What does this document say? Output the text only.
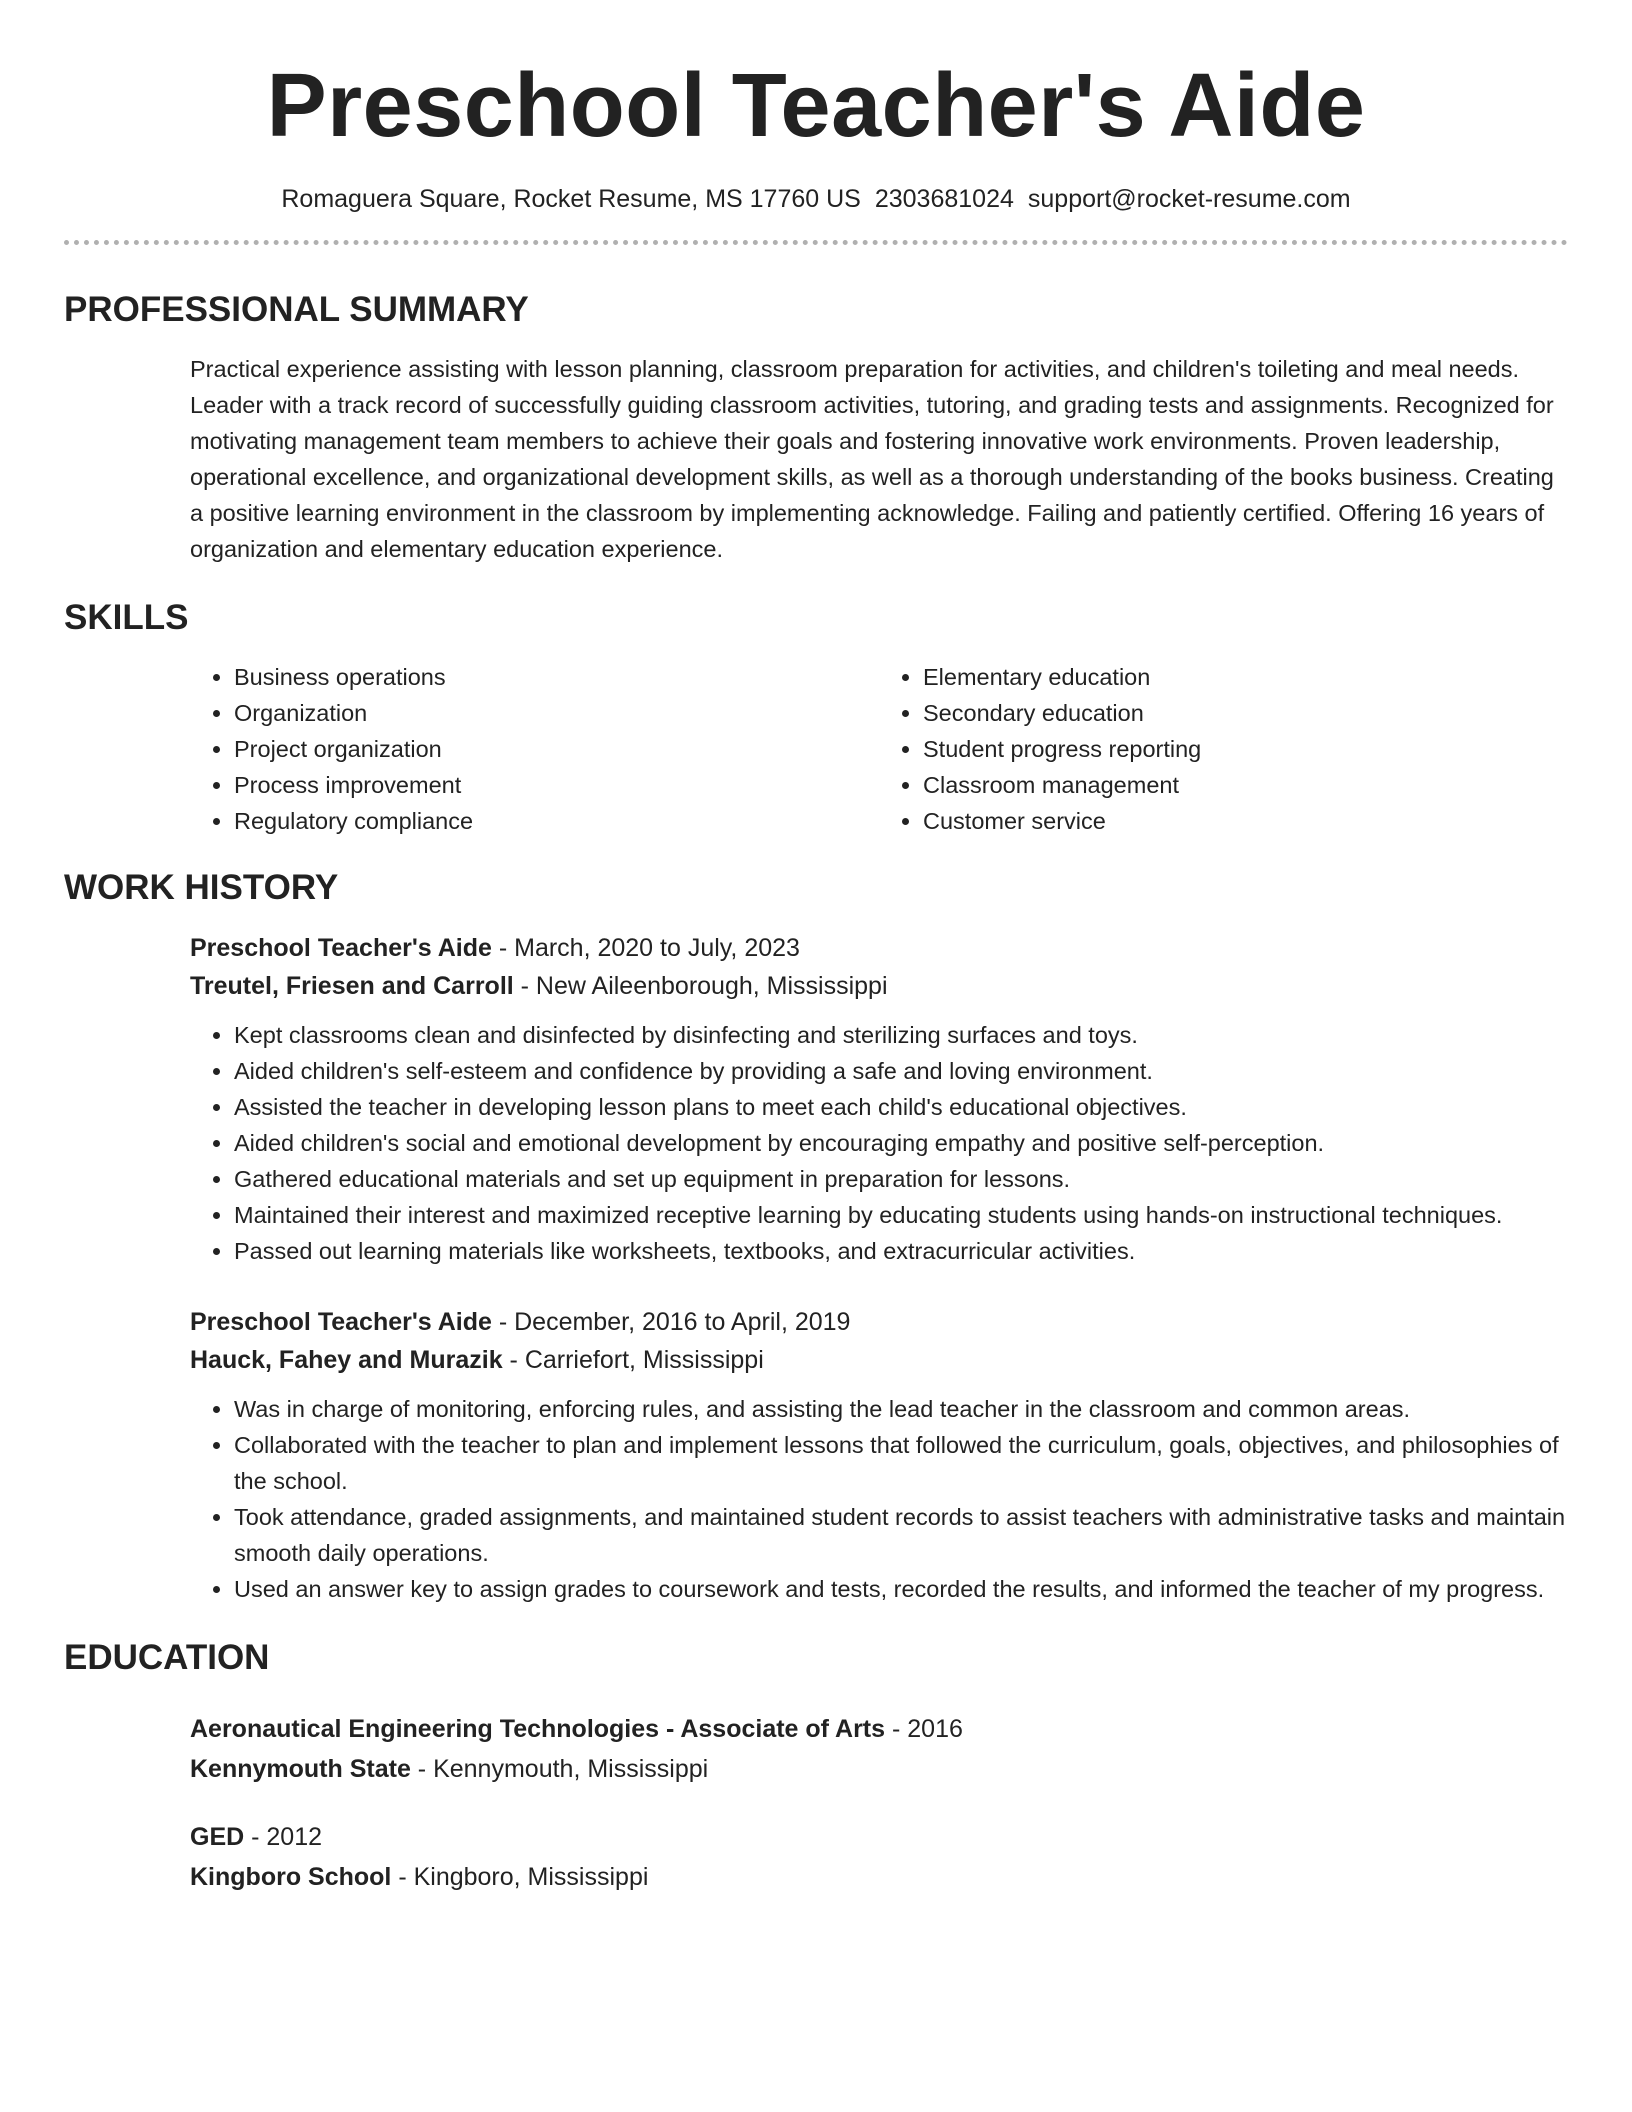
Preschool Teacher's Aide
Romaguera Square, Rocket Resume, MS 17760 US 2303681024 support@rocket-resume.com
PROFESSIONAL SUMMARY
Practical experience assisting with lesson planning, classroom preparation for activities, and children's toileting and meal needs. Leader with a track record of successfully guiding classroom activities, tutoring, and grading tests and assignments. Recognized for motivating management team members to achieve their goals and fostering innovative work environments. Proven leadership, operational excellence, and organizational development skills, as well as a thorough understanding of the books business. Creating a positive learning environment in the classroom by implementing acknowledge. Failing and patiently certified. Offering 16 years of organization and elementary education experience.
SKILLS
• Business operations
• Organization
• Project organization
• Process improvement
• Regulatory compliance
• Elementary education
• Secondary education
• Student progress reporting
• Classroom management
• Customer service
WORK HISTORY
Preschool Teacher's Aide - March, 2020 to July, 2023
Treutel, Friesen and Carroll - New Aileenborough, Mississippi
• Kept classrooms clean and disinfected by disinfecting and sterilizing surfaces and toys.
• Aided children's self-esteem and confidence by providing a safe and loving environment.
• Assisted the teacher in developing lesson plans to meet each child's educational objectives.
• Aided children's social and emotional development by encouraging empathy and positive self-perception.
• Gathered educational materials and set up equipment in preparation for lessons.
• Maintained their interest and maximized receptive learning by educating students using hands-on instructional techniques.
• Passed out learning materials like worksheets, textbooks, and extracurricular activities.
Preschool Teacher's Aide - December, 2016 to April, 2019
Hauck, Fahey and Murazik - Carriefort, Mississippi
• Was in charge of monitoring, enforcing rules, and assisting the lead teacher in the classroom and common areas.
• Collaborated with the teacher to plan and implement lessons that followed the curriculum, goals, objectives, and philosophies of the school.
• Took attendance, graded assignments, and maintained student records to assist teachers with administrative tasks and maintain smooth daily operations.
• Used an answer key to assign grades to coursework and tests, recorded the results, and informed the teacher of my progress.
EDUCATION
Aeronautical Engineering Technologies - Associate of Arts - 2016
Kennymouth State - Kennymouth, Mississippi
GED - 2012
Kingboro School - Kingboro, Mississippi
